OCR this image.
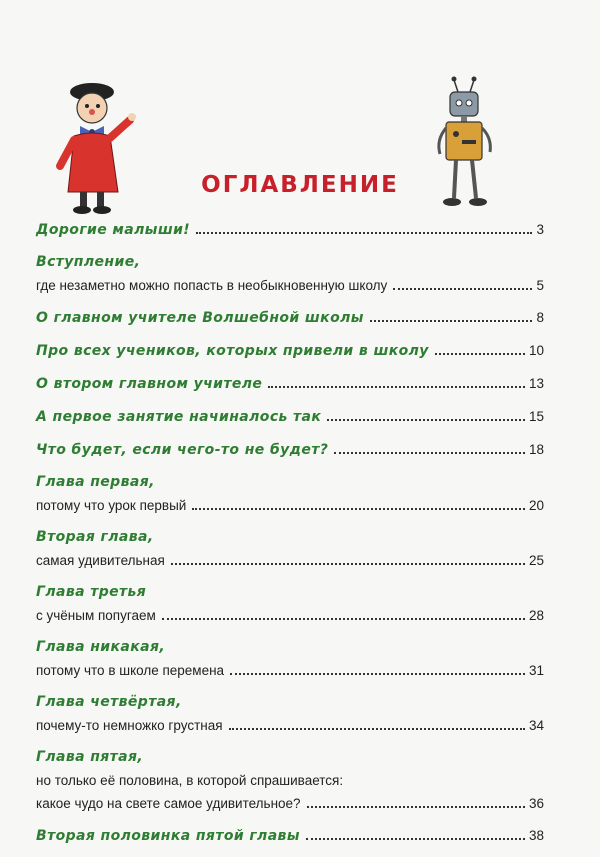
ОГЛАВЛЕНИЕ
Дорогие малыши!	3
Вступление,
где незаметно можно попасть в необыкновенную школу	5
О главном учителе Волшебной школы	8
Про всех учеников, которых привели в школу	10
О втором главном учителе	13
А первое занятие начиналось так	15
Что будет, если чего-то не будет?	18
Глава первая,
потому что урок первый	20
Вторая глава,
самая удивительная	25
Глава третья
с учёным попугаем	28
Глава никакая,
потому что в школе перемена	31
Глава четвёртая,
почему-то немножко грустная	34
Глава пятая,
но только её половина, в которой спрашивается:
какое чудо на свете самое удивительное?	36
Вторая половинка пятой главы	38
